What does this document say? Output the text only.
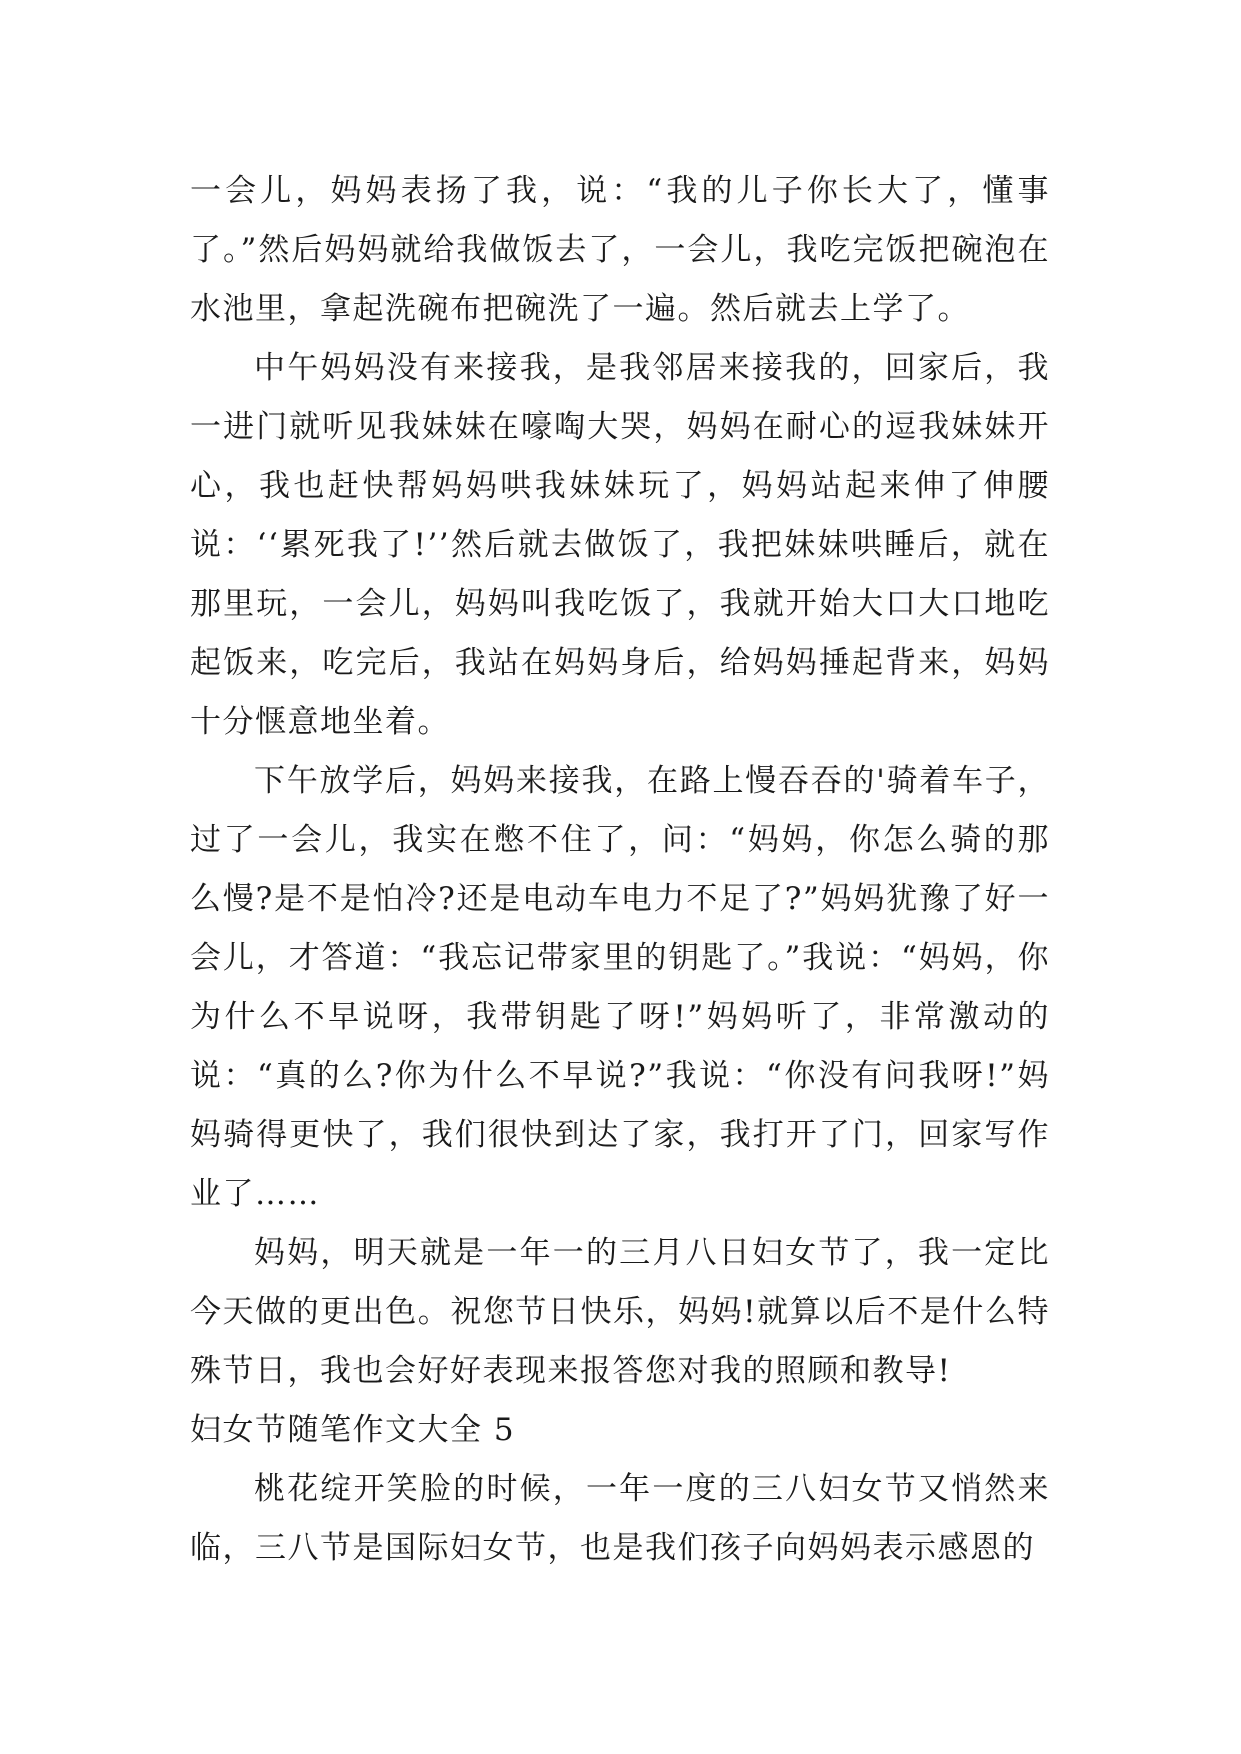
一会儿，妈妈表扬了我，说：“我的儿子你长大了，懂事了。”然后妈妈就给我做饭去了，一会儿，我吃完饭把碗泡在水池里，拿起洗碗布把碗洗了一遍。然后就去上学了。

中午妈妈没有来接我，是我邻居来接我的，回家后，我一进门就听见我妹妹在嚎啕大哭，妈妈在耐心的逗我妹妹开心，我也赶快帮妈妈哄我妹妹玩了，妈妈站起来伸了伸腰说：‘‘累死我了!’’然后就去做饭了，我把妹妹哄睡后，就在那里玩，一会儿，妈妈叫我吃饭了，我就开始大口大口地吃起饭来，吃完后，我站在妈妈身后，给妈妈捶起背来，妈妈十分惬意地坐着。

下午放学后，妈妈来接我，在路上慢吞吞的'骑着车子，过了一会儿，我实在憋不住了，问：“妈妈，你怎么骑的那么慢?是不是怕冷?还是电动车电力不足了?”妈妈犹豫了好一会儿，才答道：“我忘记带家里的钥匙了。”我说：“妈妈，你为什么不早说呀，我带钥匙了呀!”妈妈听了，非常激动的说：“真的么?你为什么不早说?”我说：“你没有问我呀!”妈妈骑得更快了，我们很快到达了家，我打开了门，回家写作业了……

妈妈，明天就是一年一的三月八日妇女节了，我一定比今天做的更出色。祝您节日快乐，妈妈!就算以后不是什么特殊节日，我也会好好表现来报答您对我的照顾和教导!

妇女节随笔作文大全 5

桃花绽开笑脸的时候，一年一度的三八妇女节又悄然来临，三八节是国际妇女节，也是我们孩子向妈妈表示感恩的
